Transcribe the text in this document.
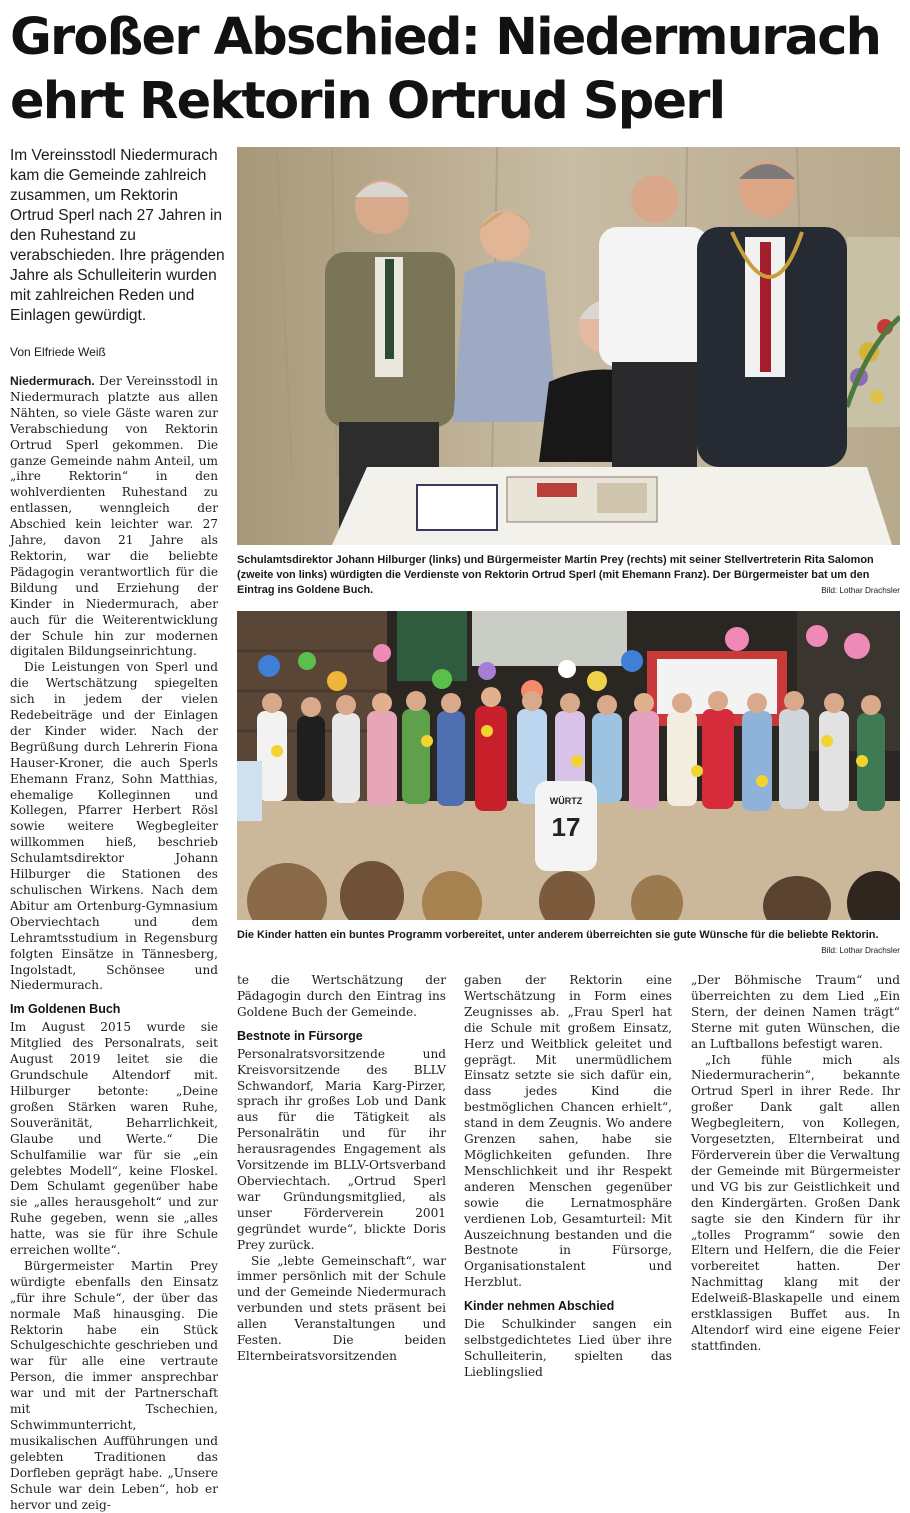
Großer Abschied: Niedermurach
ehrt Rektorin Ortrud Sperl

Im Vereinsstodl Niedermurach kam die Gemeinde zahlreich zusammen, um Rektorin Ortrud Sperl nach 27 Jahren in den Ruhestand zu verabschieden. Ihre prägenden Jahre als Schulleiterin wurden mit zahlreichen Reden und Einlagen gewürdigt.

Von Elfriede Weiß

Niedermurach. Der Vereinsstodl in Niedermurach platzte aus allen Nähten, so viele Gäste waren zur Verabschiedung von Rektorin Ortrud Sperl gekommen. Die ganze Gemeinde nahm Anteil, um „ihre Rektorin“ in den wohlverdienten Ruhestand zu entlassen, wenngleich der Abschied kein leichter war. 27 Jahre, davon 21 Jahre als Rektorin, war die beliebte Pädagogin verantwortlich für die Bildung und Erziehung der Kinder in Niedermurach, aber auch für die Weiterentwicklung der Schule hin zur modernen digitalen Bildungseinrichtung.

Die Leistungen von Sperl und die Wertschätzung spiegelten sich in jedem der vielen Redebeiträge und der Einlagen der Kinder wider. Nach der Begrüßung durch Lehrerin Fiona Hauser-Kroner, die auch Sperls Ehemann Franz, Sohn Matthias, ehemalige Kolleginnen und Kollegen, Pfarrer Herbert Rösl sowie weitere Wegbegleiter willkommen hieß, beschrieb Schulamtsdirektor Johann Hilburger die Stationen des schulischen Wirkens. Nach dem Abitur am Ortenburg-Gymnasium Oberviechtach und dem Lehramtsstudium in Regensburg folgten Einsätze in Tännesberg, Ingolstadt, Schönsee und Niedermurach.

Im Goldenen Buch

Im August 2015 wurde sie Mitglied des Personalrats, seit August 2019 leitet sie die Grundschule Altendorf mit. Hilburger betonte: „Deine großen Stärken waren Ruhe, Souveränität, Beharrlichkeit, Glaube und Werte.“ Die Schulfamilie war für sie „ein gelebtes Modell“, keine Floskel. Dem Schulamt gegenüber habe sie „alles herausgeholt“ und zur Ruhe gegeben, wenn sie „alles hatte, was sie für ihre Schule erreichen wollte“.

Bürgermeister Martin Prey würdigte ebenfalls den Einsatz „für ihre Schule“, der über das normale Maß hinausging. Die Rektorin habe ein Stück Schulgeschichte geschrieben und war für alle eine vertraute Person, die immer ansprechbar war und mit der Partnerschaft mit Tschechien, Schwimmunterricht, musikalischen Aufführungen und gelebten Traditionen das Dorfleben geprägt habe. „Unsere Schule war dein Leben“, hob er hervor und zeig-

Schulamtsdirektor Johann Hilburger (links) und Bürgermeister Martin Prey (rechts) mit seiner Stellvertreterin Rita Salomon (zweite von links) würdigten die Verdienste von Rektorin Ortrud Sperl (mit Ehemann Franz). Der Bürgermeister bat um den Eintrag ins Goldene Buch.	Bild: Lothar Drachsler
WÜRTZ
17
Die Kinder hatten ein buntes Programm vorbereitet, unter anderem überreichten sie gute Wünsche für die beliebte Rektorin.
Bild: Lothar Drachsler

te die Wertschätzung der Pädagogin durch den Eintrag ins Goldene Buch der Gemeinde.

Bestnote in Fürsorge

Personalratsvorsitzende und Kreisvorsitzende des BLLV Schwandorf, Maria Karg-Pirzer, sprach ihr großes Lob und Dank aus für die Tätigkeit als Personalrätin und für ihr herausragendes Engagement als Vorsitzende im BLLV-Ortsverband Oberviechtach. „Ortrud Sperl war Gründungsmitglied, als unser Förderverein 2001 gegründet wurde“, blickte Doris Prey zurück.

Sie „lebte Gemeinschaft“, war immer persönlich mit der Schule und der Gemeinde Niedermurach verbunden und stets präsent bei allen Veranstaltungen und Festen. Die beiden Elternbeiratsvorsitzenden

gaben der Rektorin eine Wertschätzung in Form eines Zeugnisses ab. „Frau Sperl hat die Schule mit großem Einsatz, Herz und Weitblick geleitet und geprägt. Mit unermüdlichem Einsatz setzte sie sich dafür ein, dass jedes Kind die bestmöglichen Chancen erhielt“, stand in dem Zeugnis. Wo andere Grenzen sahen, habe sie Möglichkeiten gefunden. Ihre Menschlichkeit und ihr Respekt anderen Menschen gegenüber sowie die Lernatmosphäre verdienen Lob, Gesamturteil: Mit Auszeichnung bestanden und die Bestnote in Fürsorge, Organisationstalent und Herzblut.

Kinder nehmen Abschied

Die Schulkinder sangen ein selbstgedichtetes Lied über ihre Schulleiterin, spielten das Lieblingslied

„Der Böhmische Traum“ und überreichten zu dem Lied „Ein Stern, der deinen Namen trägt“ Sterne mit guten Wünschen, die an Luftballons befestigt waren.

„Ich fühle mich als Niedermuracherin“, bekannte Ortrud Sperl in ihrer Rede. Ihr großer Dank galt allen Wegbegleitern, von Kollegen, Vorgesetzten, Elternbeirat und Förderverein über die Verwaltung der Gemeinde mit Bürgermeister und VG bis zur Geistlichkeit und den Kindergärten. Großen Dank sagte sie den Kindern für ihr „tolles Programm“ sowie den Eltern und Helfern, die die Feier vorbereitet hatten. Der Nachmittag klang mit der Edelweiß-Blaskapelle und einem erstklassigen Buffet aus. In Altendorf wird eine eigene Feier stattfinden.
